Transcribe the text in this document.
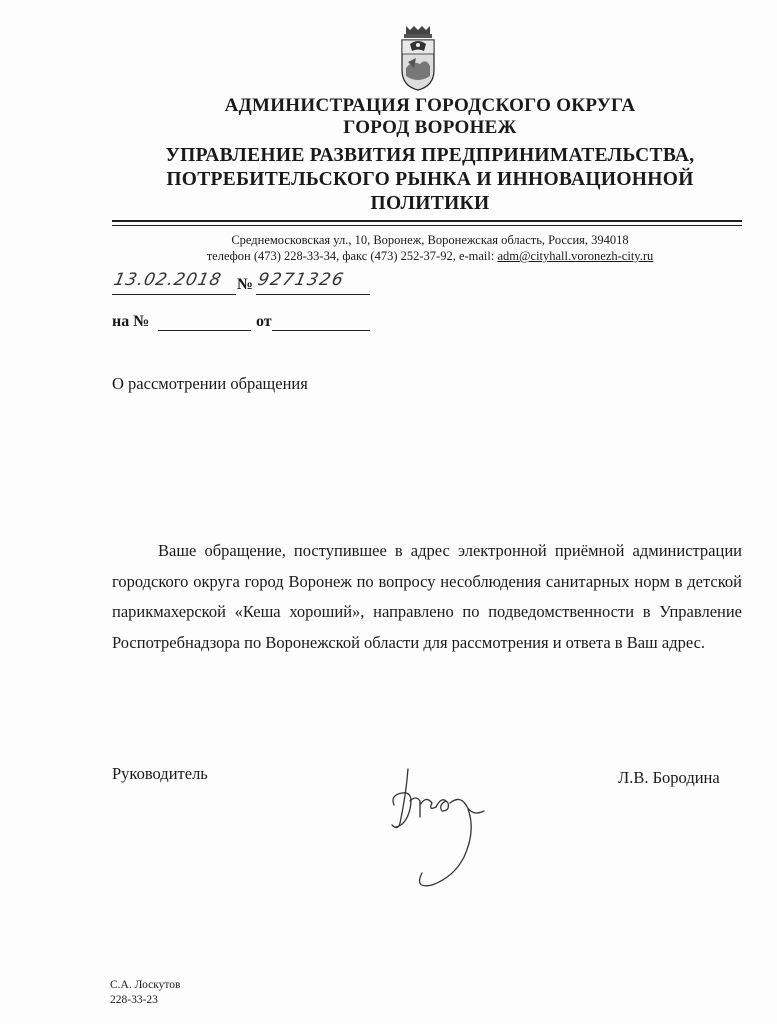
АДМИНИСТРАЦИЯ ГОРОДСКОГО ОКРУГА
ГОРОД ВОРОНЕЖ
УПРАВЛЕНИЕ РАЗВИТИЯ ПРЕДПРИНИМАТЕЛЬСТВА,
ПОТРЕБИТЕЛЬСКОГО РЫНКА И ИННОВАЦИОННОЙ
ПОЛИТИКИ
Среднемосковская ул., 10, Воронеж, Воронежская область, Россия, 394018
телефон (473) 228-33-34, факс (473) 252-37-92, e-mail: adm@cityhall.voronezh-city.ru
13.02.2018 № 9271326
на №	от
О рассмотрении обращения
Ваше обращение, поступившее в адрес электронной приёмной администрации городского округа город Воронеж по вопросу несоблюдения санитарных норм в детской парикмахерской «Кеша хороший», направлено по подведомственности в Управление Роспотребнадзора по Воронежской области для рассмотрения и ответа в Ваш адрес.
Руководитель	Л.В. Бородина
С.А. Лоскутов
228-33-23
